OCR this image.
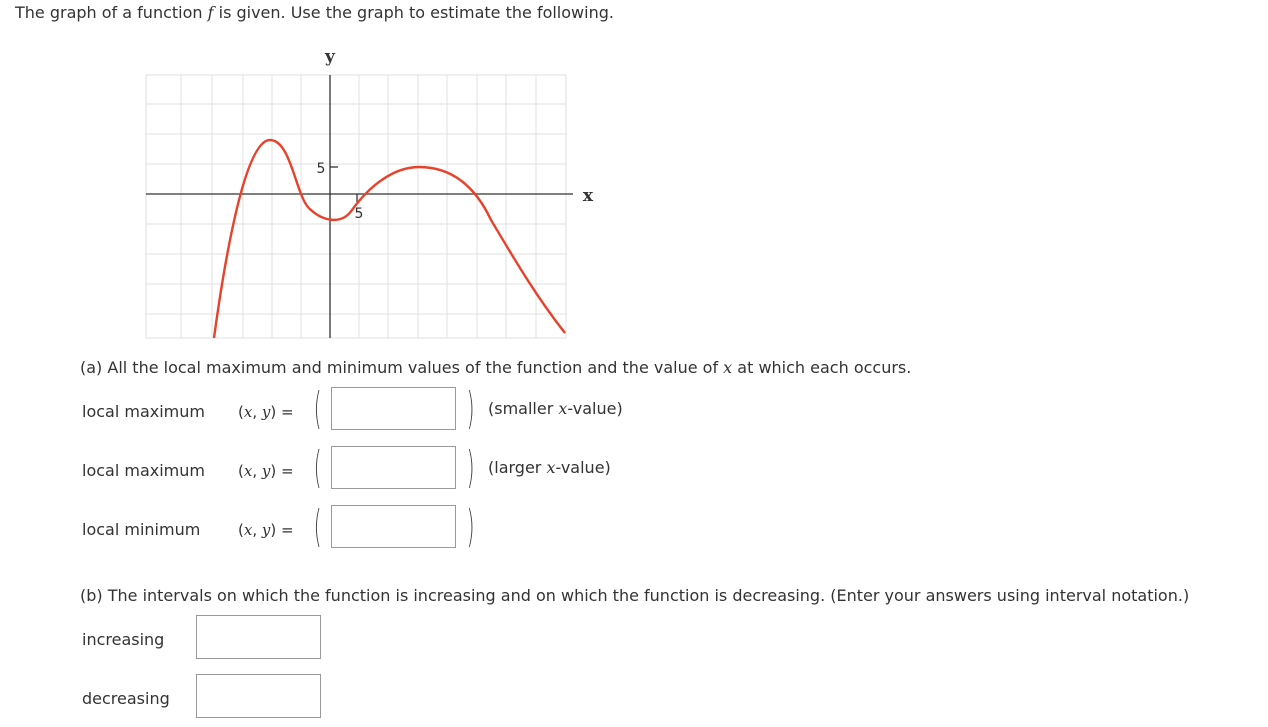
The graph of a function f is given. Use the graph to estimate the following.
y
x
5
5
(a) All the local maximum and minimum values of the function and the value of x at which each occurs.
local maximum (x, y) = (	) (smaller x-value)
local maximum (x, y) = (	) (larger x-value)
local minimum	(x, y) = (	)
(b) The intervals on which the function is increasing and on which the function is decreasing. (Enter your answers using interval notation.)
increasing
decreasing
